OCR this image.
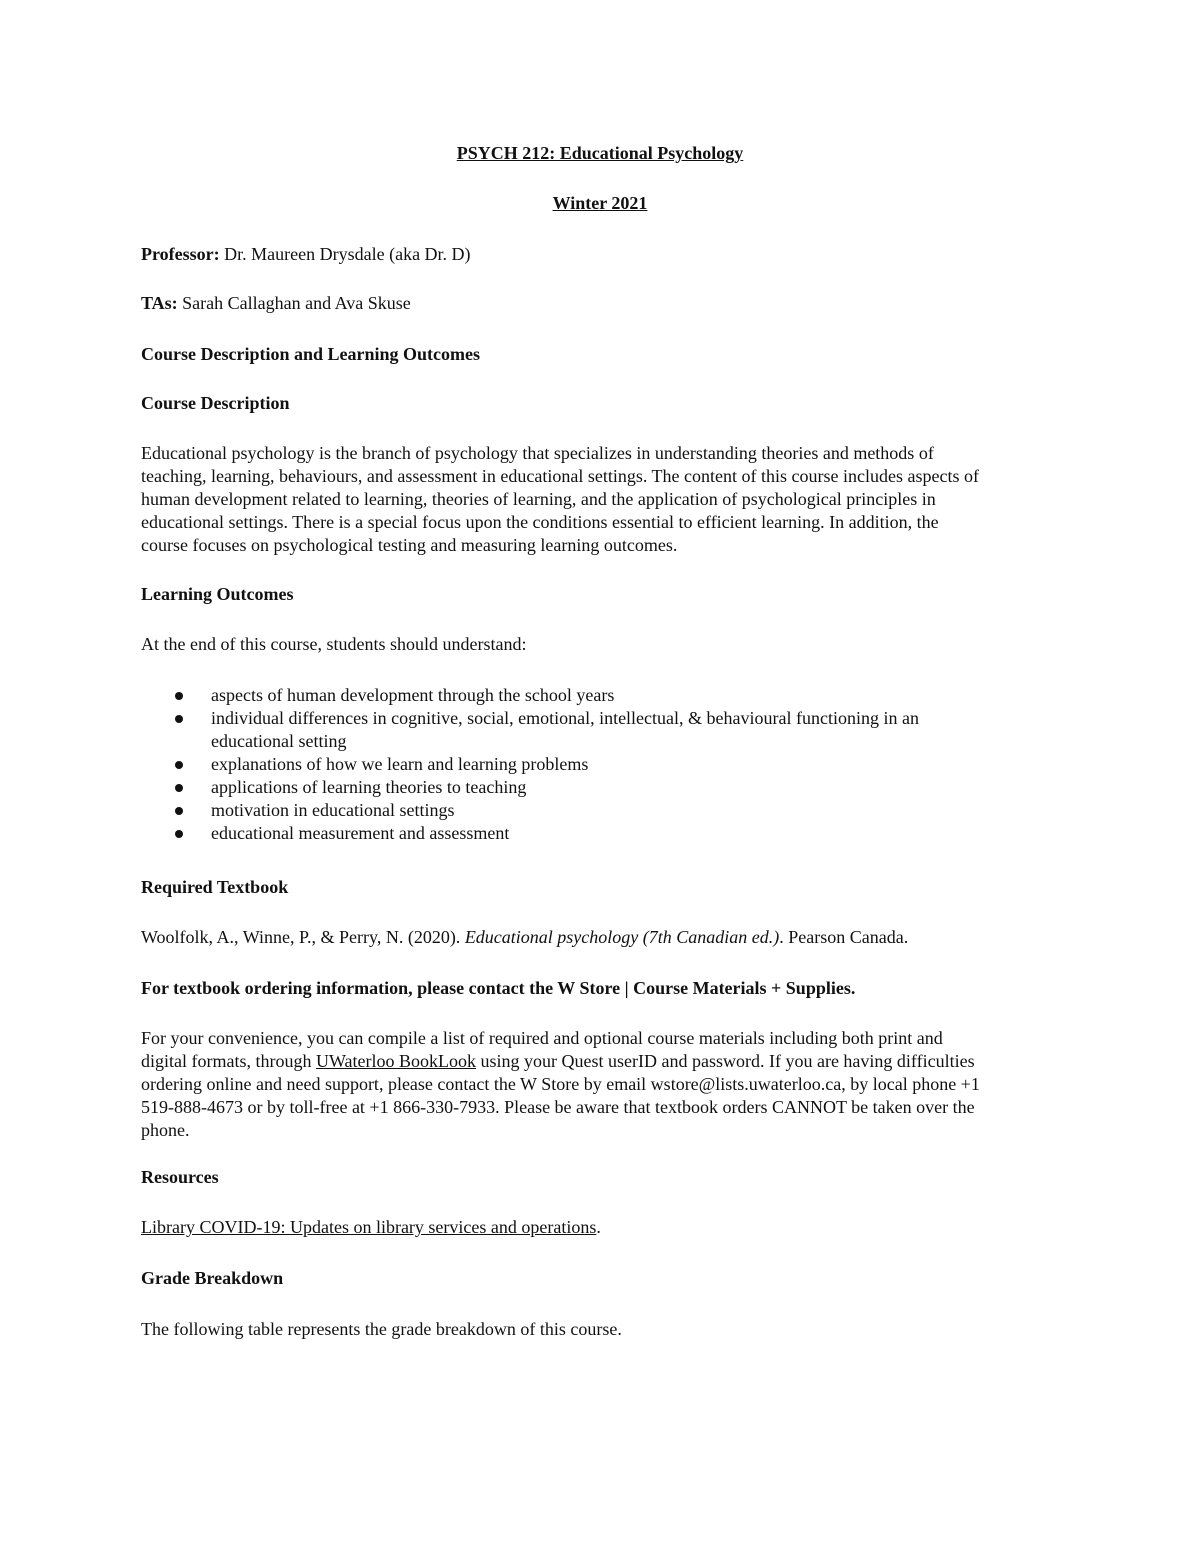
PSYCH 212: Educational Psychology
Winter 2021
Professor: Dr. Maureen Drysdale (aka Dr. D)
TAs: Sarah Callaghan and Ava Skuse
Course Description and Learning Outcomes
Course Description
Educational psychology is the branch of psychology that specializes in understanding theories and methods of
teaching, learning, behaviours, and assessment in educational settings. The content of this course includes aspects of
human development related to learning, theories of learning, and the application of psychological principles in
educational settings. There is a special focus upon the conditions essential to efficient learning. In addition, the
course focuses on psychological testing and measuring learning outcomes.
Learning Outcomes
At the end of this course, students should understand:
aspects of human development through the school years
individual differences in cognitive, social, emotional, intellectual, & behavioural functioning in an
educational setting
explanations of how we learn and learning problems
applications of learning theories to teaching
motivation in educational settings
educational measurement and assessment
Required Textbook
Woolfolk, A., Winne, P., & Perry, N. (2020). Educational psychology (7th Canadian ed.). Pearson Canada.
For textbook ordering information, please contact the W Store | Course Materials + Supplies.
For your convenience, you can compile a list of required and optional course materials including both print and
digital formats, through UWaterloo BookLook using your Quest userID and password. If you are having difficulties
ordering online and need support, please contact the W Store by email wstore@lists.uwaterloo.ca, by local phone +1
519-888-4673 or by toll-free at +1 866-330-7933. Please be aware that textbook orders CANNOT be taken over the
phone.
Resources
Library COVID-19: Updates on library services and operations.
Grade Breakdown
The following table represents the grade breakdown of this course.
